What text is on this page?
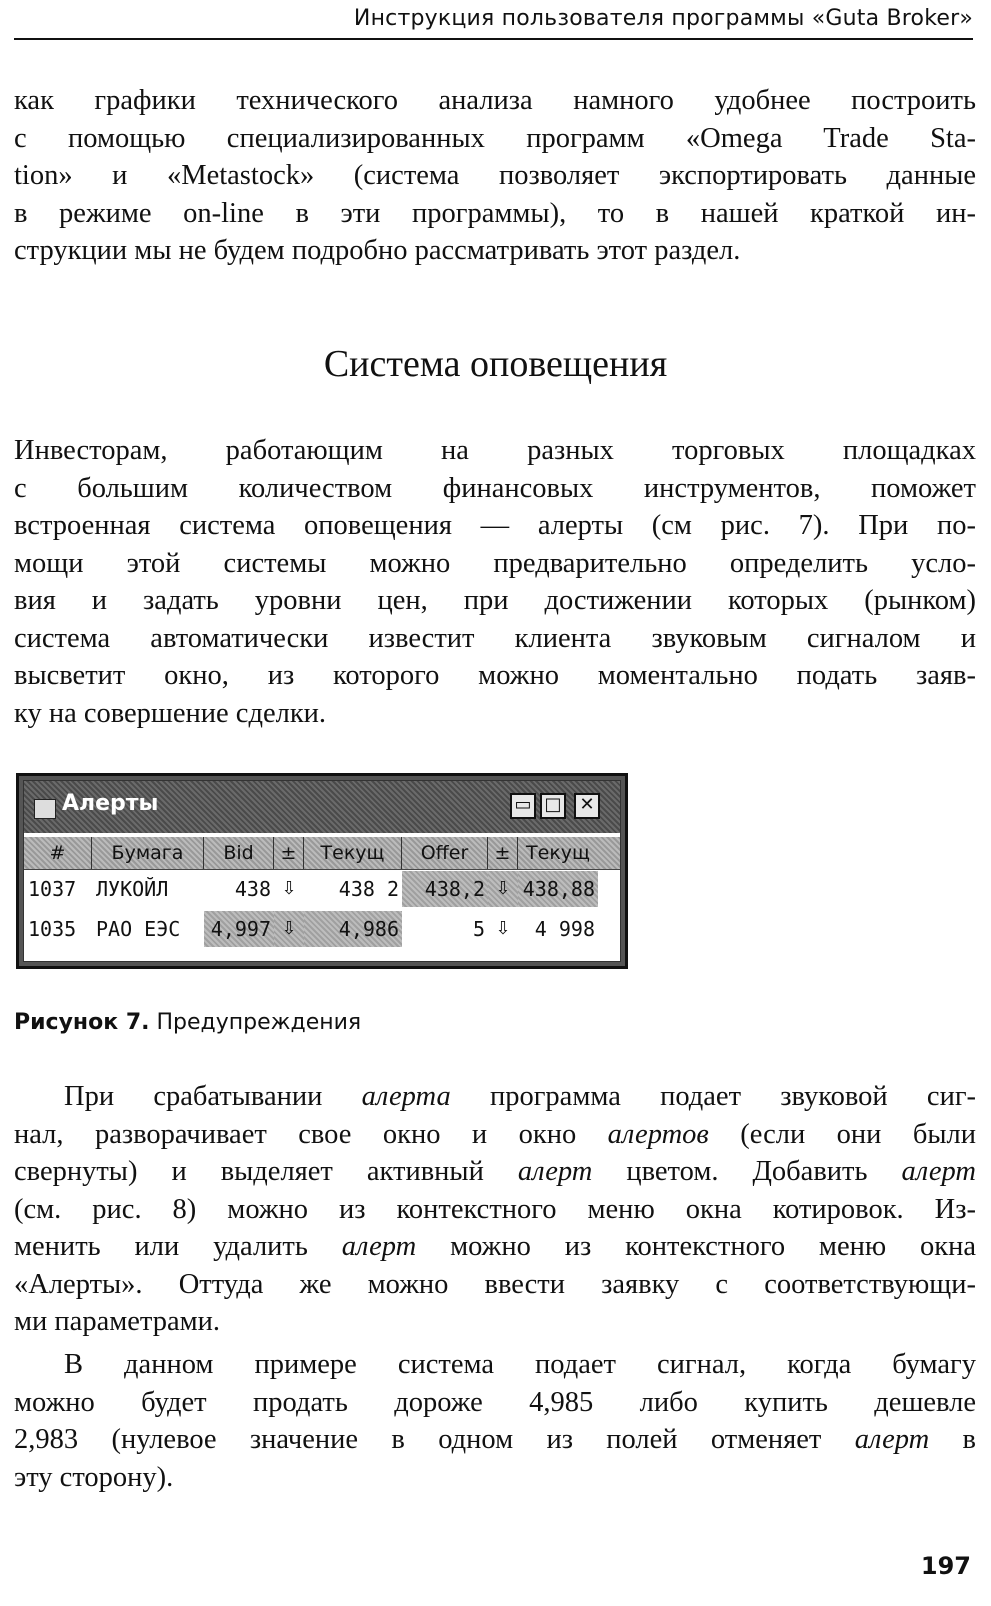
Инструкция пользователя программы «Guta Broker»
как графики технического анализа намного удобнее построить
с помощью специализированных программ «Omega Trade Sta-
tion» и «Metastock» (система позволяет экспортировать данные
в режиме on-line в эти программы), то в нашей краткой ин-
струкции мы не будем подробно рассматривать этот раздел.
Система оповещения
Инвесторам, работающим на разных торговых площадках
с большим количеством финансовых инструментов, поможет
встроенная система оповещения — алерты (см рис. 7). При по-
мощи этой системы можно предварительно определить усло-
вия и задать уровни цен, при достижении которых (рынком)
система автоматически известит клиента звуковым сигналом и
высветит окно, из которого можно моментально подать заяв-
ку на совершение сделки.
Алерты	▭ □ ✕
#	Бумага	Bid	±	Текущ	Offer	± Текущ
1037 ЛУКОЙЛ	438 ⇩	438 2	438,2 ⇩ 438,88
1035 РАО ЕЭС	4,997 ⇩	4,986	5 ⇩	4 998
Рисунок 7. Предупреждения
При срабатывании алерта программа подает звуковой сиг-
нал, разворачивает свое окно и окно алертов (если они были
свернуты) и выделяет активный алерт цветом. Добавить алерт
(см. рис. 8) можно из контекстного меню окна котировок. Из-
менить или удалить алерт можно из контекстного меню окна
«Алерты». Оттуда же можно ввести заявку с соответствующи-
ми параметрами.
В данном примере система подает сигнал, когда бумагу
можно будет продать дороже 4,985 либо купить дешевле
2,983 (нулевое значение в одном из полей отменяет алерт в
эту сторону).
197
